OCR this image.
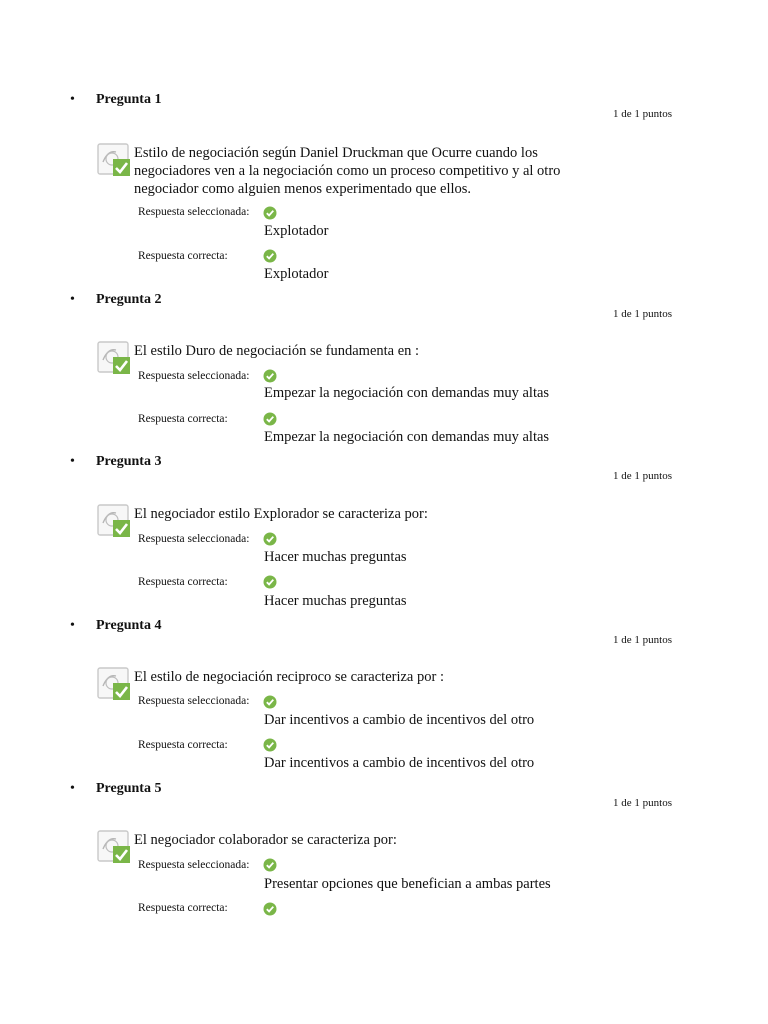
• Pregunta 1
1 de 1 puntos
Estilo de negociación según Daniel Druckman que Ocurre cuando los negociadores ven a la negociación como un proceso competitivo y al otro negociador como alguien menos experimentado que ellos.
Respuesta seleccionada:
Explotador
Respuesta correcta:
Explotador
• Pregunta 2
1 de 1 puntos
El estilo Duro de negociación se fundamenta en :
Respuesta seleccionada:
Empezar la negociación con demandas muy altas
Respuesta correcta:
Empezar la negociación con demandas muy altas
• Pregunta 3
1 de 1 puntos
El negociador estilo Explorador se caracteriza por:
Respuesta seleccionada:
Hacer muchas preguntas
Respuesta correcta:
Hacer muchas preguntas
• Pregunta 4
1 de 1 puntos
El estilo de negociación reciproco se caracteriza por :
Respuesta seleccionada:
Dar incentivos a cambio de incentivos del otro
Respuesta correcta:
Dar incentivos a cambio de incentivos del otro
• Pregunta 5
1 de 1 puntos
El negociador colaborador se caracteriza por:
Respuesta seleccionada:
Presentar opciones que benefician a ambas partes
Respuesta correcta:
